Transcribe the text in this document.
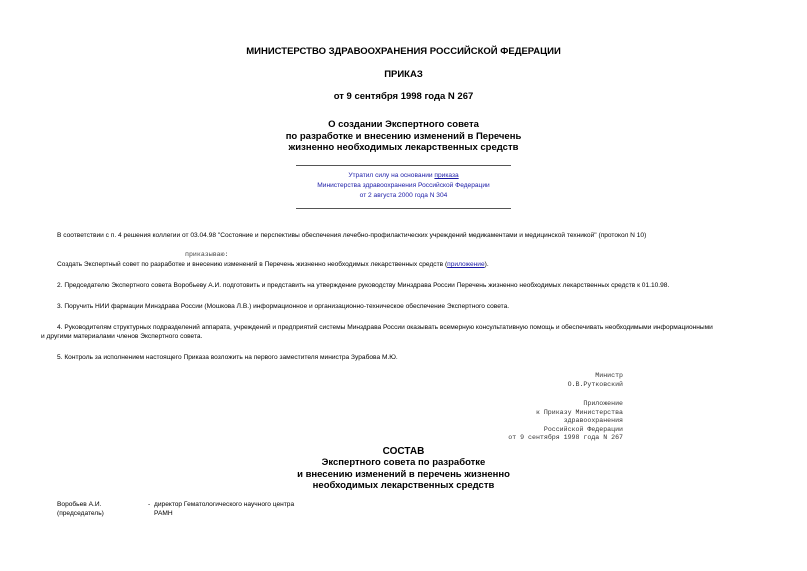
МИНИСТЕРСТВО ЗДРАВООХРАНЕНИЯ РОССИЙСКОЙ ФЕДЕРАЦИИ
ПРИКАЗ
от 9 сентября 1998 года N 267
О создании Экспертного совета
по разработке и внесению изменений в Перечень
жизненно необходимых лекарственных средств
Утратил силу на основании приказа
Министерства здравоохранения Российской Федерации
от 2 августа 2000 года N 304
В соответствии с п. 4 решения коллегии от 03.04.98 "Состояние и перспективы обеспечения лечебно-профилактических учреждений медикаментами и медицинской техникой" (протокол N 10)
приказываю:
Создать Экспертный совет по разработке и внесению изменений в Перечень жизненно необходимых лекарственных средств (приложение).
2. Председателю Экспертного совета Воробьеву А.И. подготовить и представить на утверждение руководству Минздрава России Перечень жизненно необходимых лекарственных средств к 01.10.98.
3. Поручить НИИ фармации Минздрава России (Мошкова Л.В.) информационное и организационно-техническое обеспечение Экспертного совета.
4. Руководителям структурных подразделений аппарата, учреждений и предприятий системы Минздрава России оказывать всемерную консультативную помощь и обеспечивать необходимыми информационными
и другими материалами членов Экспертного совета.
5. Контроль за исполнением настоящего Приказа возложить на первого заместителя министра Зурабова М.Ю.
Министр
О.В.Рутковский
Приложение
к Приказу Министерства
здравоохранения
Российской Федерации
от 9 сентября 1998 года N 267
СОСТАВ
Экспертного совета по разработке
и внесению изменений в перечень жизненно
необходимых лекарственных средств
Воробьев А.И.
(председатель)
- директор Гематологического научного центра
РАМН
